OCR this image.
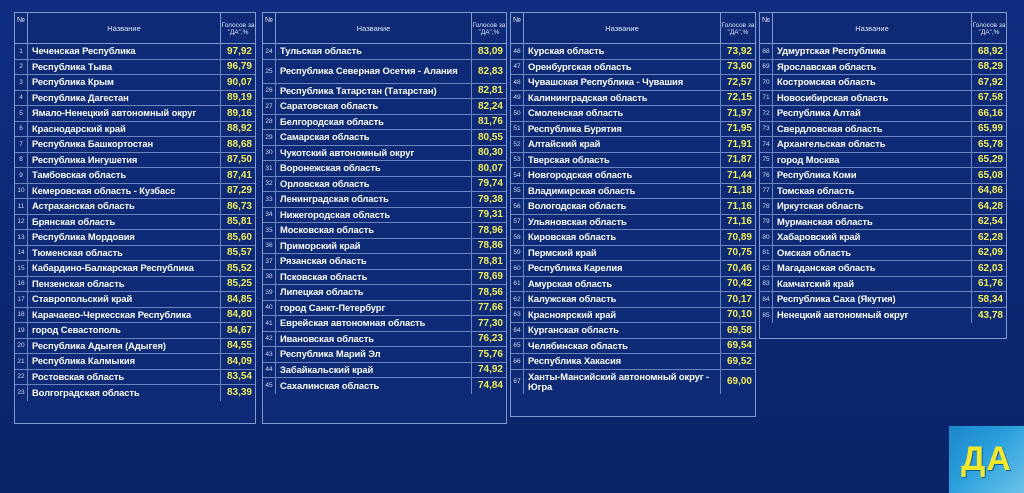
№
Название	Голосов за "ДА",%
1 Чеченская Республика	97,92
2 Республика Тыва	96,79
3 Республика Крым	90,07
4 Республика Дагестан	89,19
5 Ямало-Ненецкий автономный округ	89,16
6 Краснодарский край	88,92
7 Республика Башкортостан	88,68
8 Республика Ингушетия	87,50
9 Тамбовская область	87,41
10 Кемеровская область - Кузбасс	87,29
11 Астраханская область	86,73
12 Брянская область	85,81
13 Республика Мордовия	85,60
14 Тюменская область	85,57
15 Кабардино-Балкарская Республика	85,52
16 Пензенская область	85,25
17 Ставропольский край	84,85
18 Карачаево-Черкесская Республика	84,80
19 город Севастополь	84,67
20 Республика Адыгея (Адыгея)	84,55
21 Республика Калмыкия	84,09
22 Ростовская область	83,54
23 Волгоградская область	83,39
№
Название	Голосов за "ДА",%
24 Тульская область	83,09
25 Республика Северная Осетия - Алания	82,83
26 Республика Татарстан (Татарстан)	82,81
27 Саратовская область	82,24
28 Белгородская область	81,76
29 Самарская область	80,55
30 Чукотский автономный округ	80,30
31 Воронежская область	80,07
32 Орловская область	79,74
33 Ленинградская область	79,38
34 Нижегородская область	79,31
35 Московская область	78,96
36 Приморский край	78,86
37 Рязанская область	78,81
38 Псковская область	78,69
39 Липецкая область	78,56
40 город Санкт-Петербург	77,66
41 Еврейская автономная область	77,30
42 Ивановская область	76,23
43 Республика Марий Эл	75,76
44 Забайкальский край	74,92
45 Сахалинская область	74,84
№
Название	Голосов за "ДА",%
46 Курская область	73,92
47 Оренбургская область	73,60
48 Чувашская Республика - Чувашия	72,57
49 Калининградская область	72,15
50 Смоленская область	71,97
51 Республика Бурятия	71,95
52 Алтайский край	71,91
53 Тверская область	71,87
54 Новгородская область	71,44
55 Владимирская область	71,18
56 Вологодская область	71,16
57 Ульяновская область	71,16
58 Кировская область	70,89
59 Пермский край	70,75
60 Республика Карелия	70,46
61 Амурская область	70,42
62 Калужская область	70,17
63 Красноярский край	70,10
64 Курганская область	69,58
65 Челябинская область	69,54
66 Республика Хакасия	69,52
67 Ханты-Мансийский автономный округ - Югра	69,00
№
Название	Голосов за "ДА",%
68 Удмуртская Республика	68,92
69 Ярославская область	68,29
70 Костромская область	67,92
71 Новосибирская область	67,58
72 Республика Алтай	66,16
73 Свердловская область	65,99
74 Архангельская область	65,78
75 город Москва	65,29
76 Республика Коми	65,08
77 Томская область	64,86
78 Иркутская область	64,28
79 Мурманская область	62,54
80 Хабаровский край	62,28
81 Омская область	62,09
82 Магаданская область	62,03
83 Камчатский край	61,76
84 Республика Саха (Якутия)	58,34
85 Ненецкий автономный округ	43,78
ДА
